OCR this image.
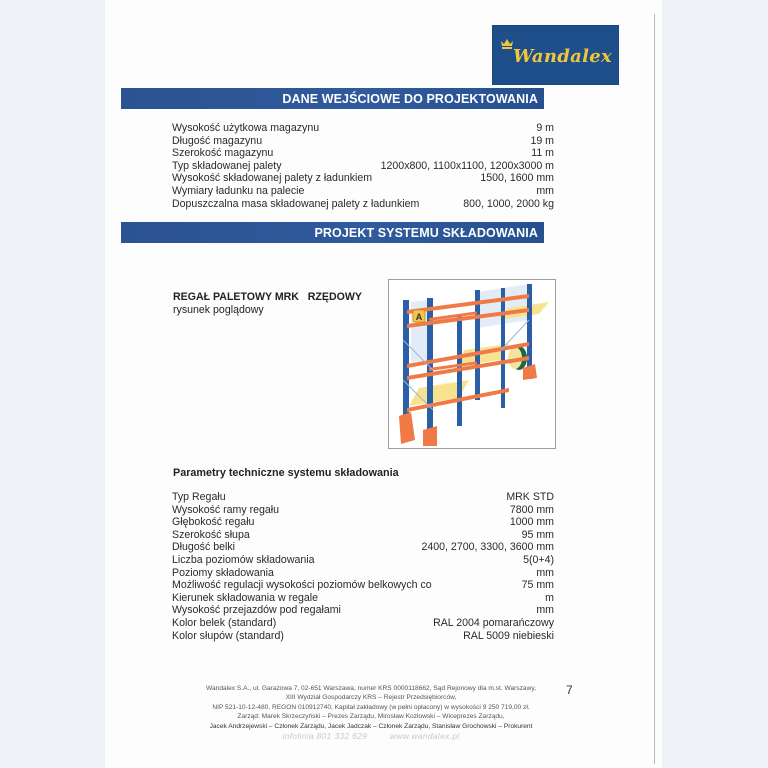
Wandalex
DANE WEJŚCIOWE DO PROJEKTOWANIA
Wysokość użytkowa magazynu	9 m
Długość magazynu	19 m
Szerokość magazynu	11 m
Typ składowanej palety	1200x800, 1100x1100, 1200x3000 m
Wysokość składowanej palety z ładunkiem	1500, 1600 mm
Wymiary ładunku na palecie	mm
Dopuszczalna masa składowanej palety z ładunkiem	800, 1000, 2000 kg
PROJEKT SYSTEMU SKŁADOWANIA
REGAŁ PALETOWY MRK   RZĘDOWY
rysunek poglądowy
A
Parametry techniczne systemu składowania
Typ Regału	MRK STD
Wysokość ramy regału	7800 mm
Głębokość regału	1000 mm
Szerokość słupa	95 mm
Długość belki	2400, 2700, 3300, 3600 mm
Liczba poziomów składowania	5(0+4)
Poziomy składowania	mm
Możliwość regulacji wysokości poziomów belkowych co	75 mm
Kierunek składowania w regale	m
Wysokość przejazdów pod regałami	mm
Kolor belek (standard)	RAL 2004 pomarańczowy
Kolor słupów (standard)	RAL 5009 niebieski
Wandalex S.A., ul. Garażowa 7, 02-651 Warszawa, numer KRS 0000118662, Sąd Rejonowy dla m.st. Warszawy,
XIII Wydział Gospodarczy KRS – Rejestr Przedsiębiorców,
NIP 521-10-12-480, REGON 010912740, Kapitał zakładowy (w pełni opłacony) w wysokości 9 250 719,00 zł.
Zarząd: Marek Skrzeczyński – Prezes Zarządu, Mirosław Kozłowski – Wiceprezes Zarządu,
Jacek Andrzejewski – Członek Zarządu, Jacek Jadczak – Członek Zarządu, Stanisław Grochowski – Prokurent
infolinia 801 332 629	www.wandalex.pl
7
